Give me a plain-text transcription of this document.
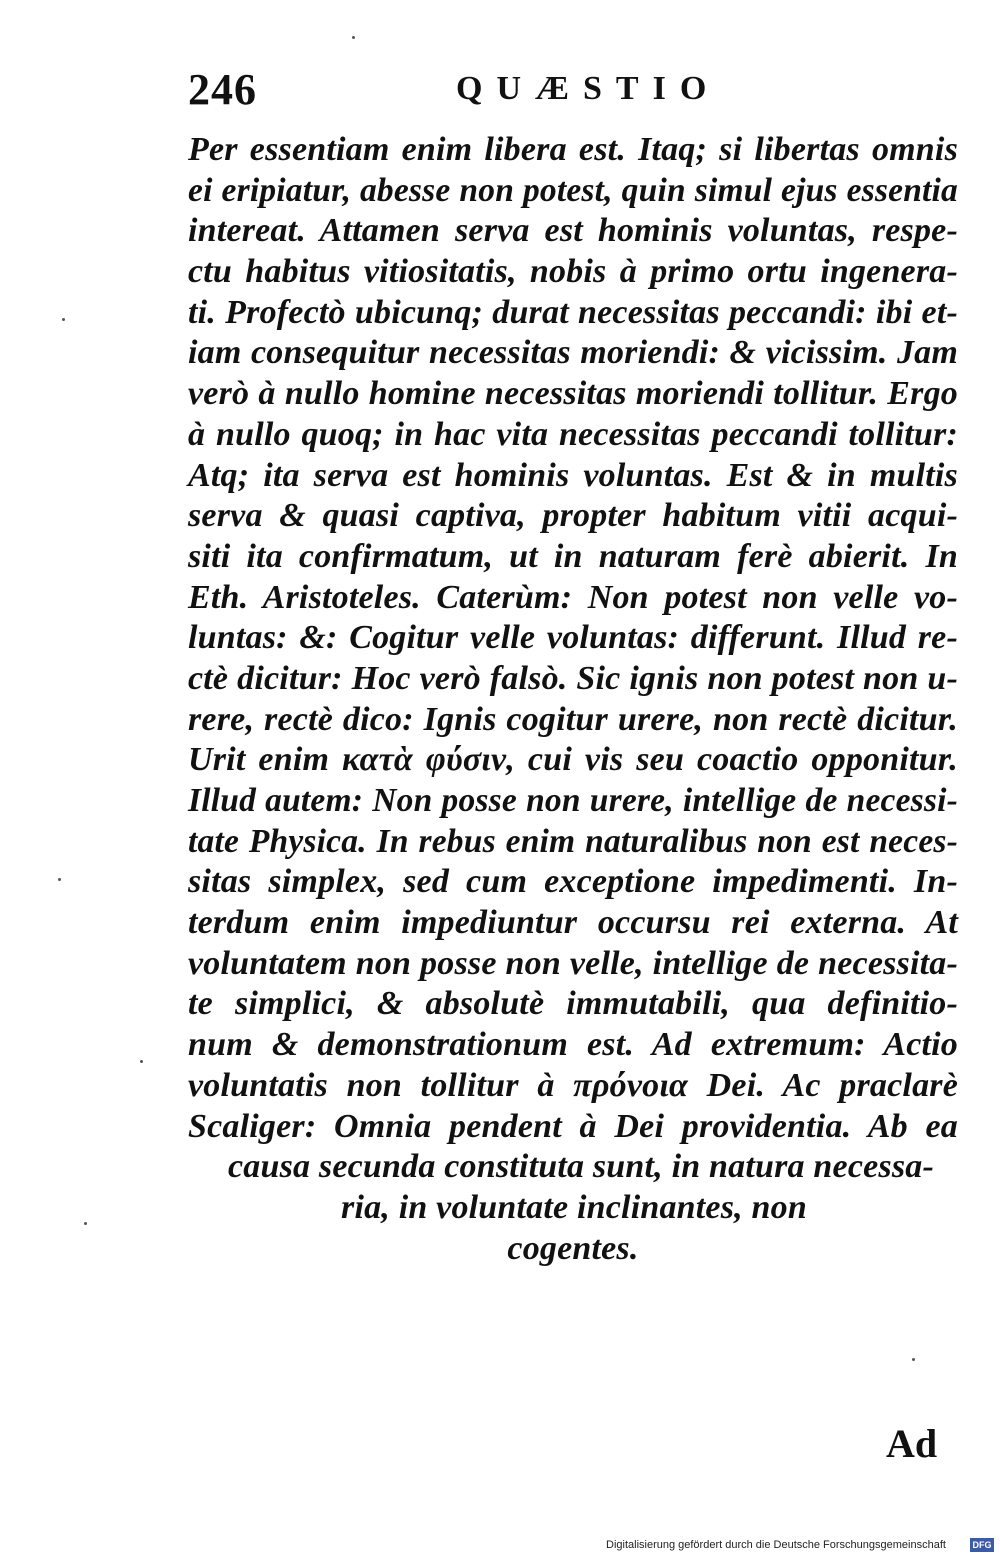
246	QUÆSTIO
Per essentiam enim libera est. Itaq; si libertas omnis
ei eripiatur, abesse non potest, quin simul ejus essentia
intereat. Attamen serva est hominis voluntas, respe-
ctu habitus vitiositatis, nobis à primo ortu ingenera-
ti. Profectò ubicunq; durat necessitas peccandi: ibi et-
iam consequitur necessitas moriendi: & vicissim. Jam
verò à nullo homine necessitas moriendi tollitur. Ergo
à nullo quoq; in hac vita necessitas peccandi tollitur:
Atq; ita serva est hominis voluntas. Est & in multis
serva & quasi captiva, propter habitum vitii acqui-
siti ita confirmatum, ut in naturam ferè abierit. In
Eth. Aristoteles. Caterùm: Non potest non velle vo-
luntas: &: Cogitur velle voluntas: differunt. Illud re-
ctè dicitur: Hoc verò falsò. Sic ignis non potest non u-
rere, rectè dico: Ignis cogitur urere, non rectè dicitur.
Urit enim κατὰ φύσιν, cui vis seu coactio opponitur.
Illud autem: Non posse non urere, intellige de necessi-
tate Physica. In rebus enim naturalibus non est neces-
sitas simplex, sed cum exceptione impedimenti. In-
terdum enim impediuntur occursu rei externa. At
voluntatem non posse non velle, intellige de necessita-
te simplici, & absolutè immutabili, qua definitio-
num & demonstrationum est. Ad extremum: Actio
voluntatis non tollitur à πρόνοια Dei. Ac praclarè
Scaliger: Omnia pendent à Dei providentia. Ab ea
causa secunda constituta sunt, in natura necessa-
ria, in voluntate inclinantes, non
cogentes.
Ad
Digitalisierung gefördert durch die Deutsche Forschungsgemeinschaft	DFG
